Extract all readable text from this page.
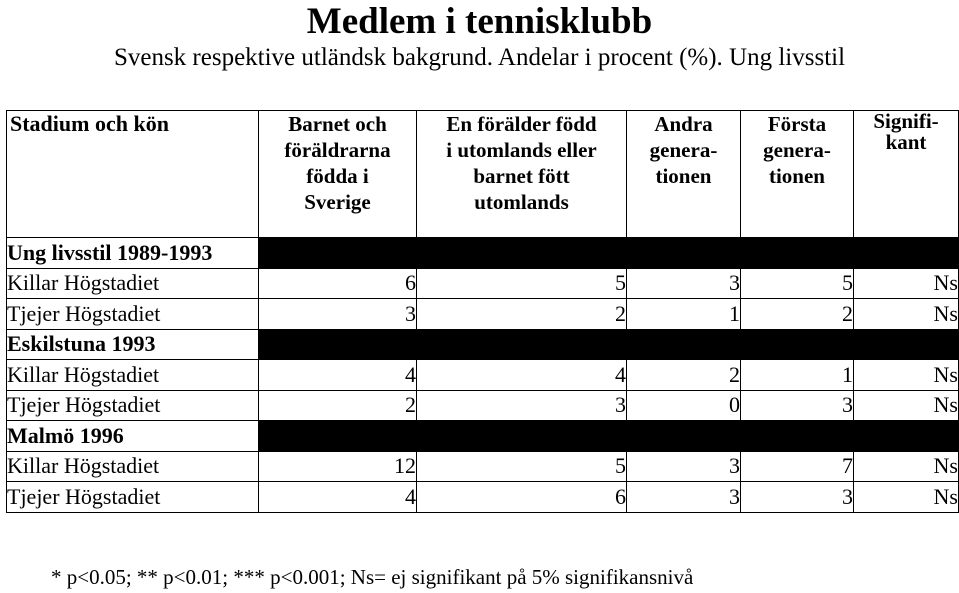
Medlem i tennisklubb
Svensk respektive utländsk bakgrund. Andelar i procent (%). Ung livsstil
Stadium och kön	Barnet och
föräldrarna
födda i
Sverige	En förälder född
i utomlands eller
barnet fött
utomlands	Andra
genera-
tionen	Första
genera-
tionen	Signifi-
kant

Ung livsstil 1989-1993					
Killar Högstadiet	6	5	3	5	Ns
Tjejer Högstadiet	3	2	1	2	Ns
Eskilstuna 1993					
Killar Högstadiet	4	4	2	1	Ns
Tjejer Högstadiet	2	3	0	3	Ns
Malmö 1996					
Killar Högstadiet	12	5	3	7	Ns
Tjejer Högstadiet	4	6	3	3	Ns
* p<0.05; ** p<0.01; *** p<0.001; Ns= ej signifikant på 5% signifikansnivå
